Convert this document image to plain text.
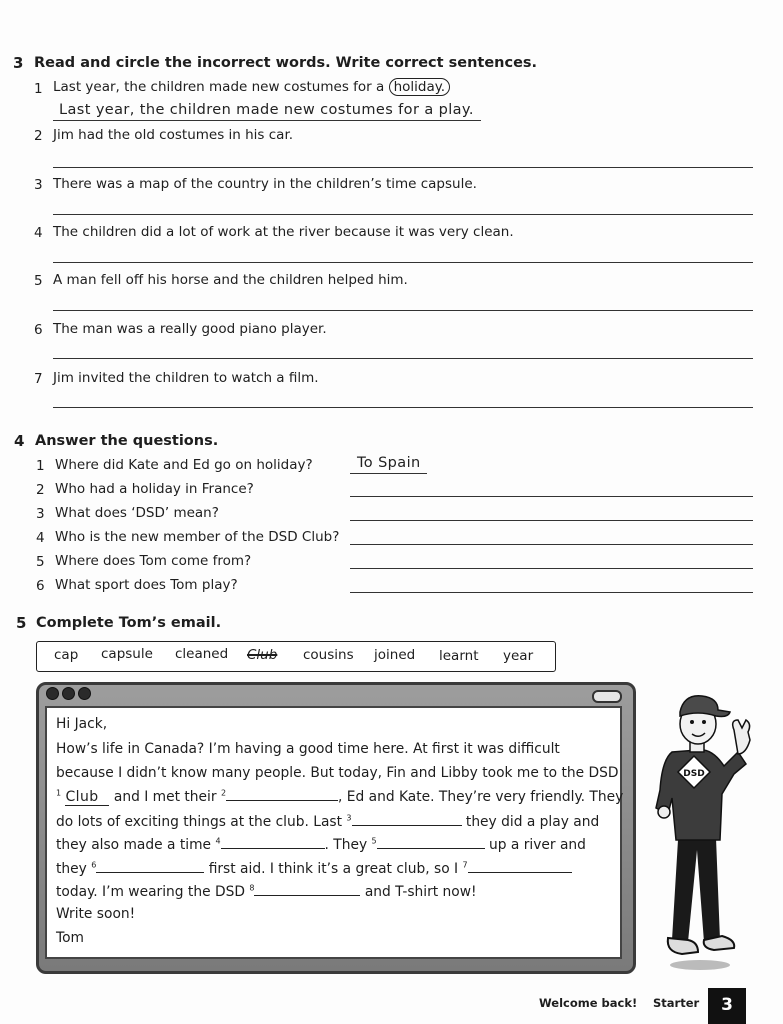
3 Read and circle the incorrect words. Write correct sentences.
1 Last year, the children made new costumes for a holiday.
Last year, the children made new costumes for a play.
2 Jim had the old costumes in his car.
3 There was a map of the country in the children’s time capsule.
4 The children did a lot of work at the river because it was very clean.
5 A man fell off his horse and the children helped him.
6 The man was a really good piano player.
7 Jim invited the children to watch a film.
4 Answer the questions.
1 Where did Kate and Ed go on holiday?	To Spain
2 Who had a holiday in France?
3 What does ‘DSD’ mean?
4 Who is the new member of the DSD Club?
5 Where does Tom come from?
6 What sport does Tom play?
5 Complete Tom’s email.
cap capsule cleaned Club cousins joined learnt year
Hi Jack,
How’s life in Canada? I’m having a good time here. At first it was difficult
because I didn’t know many people. But today, Fin and Libby took me to the DSD
$^1$ Club and I met their $^2$	, Ed and Kate. They’re very friendly. They
do lots of exciting things at the club. Last $^3$	they did a play and
they also made a time $^4$	. They $^5$	up a river and
they $^6$	first aid. I think it’s a great club, so I $^7$
today. I’m wearing the DSD $^8$	and T-shirt now!
Write soon!
Tom
DSD
Welcome back! Starter	3
